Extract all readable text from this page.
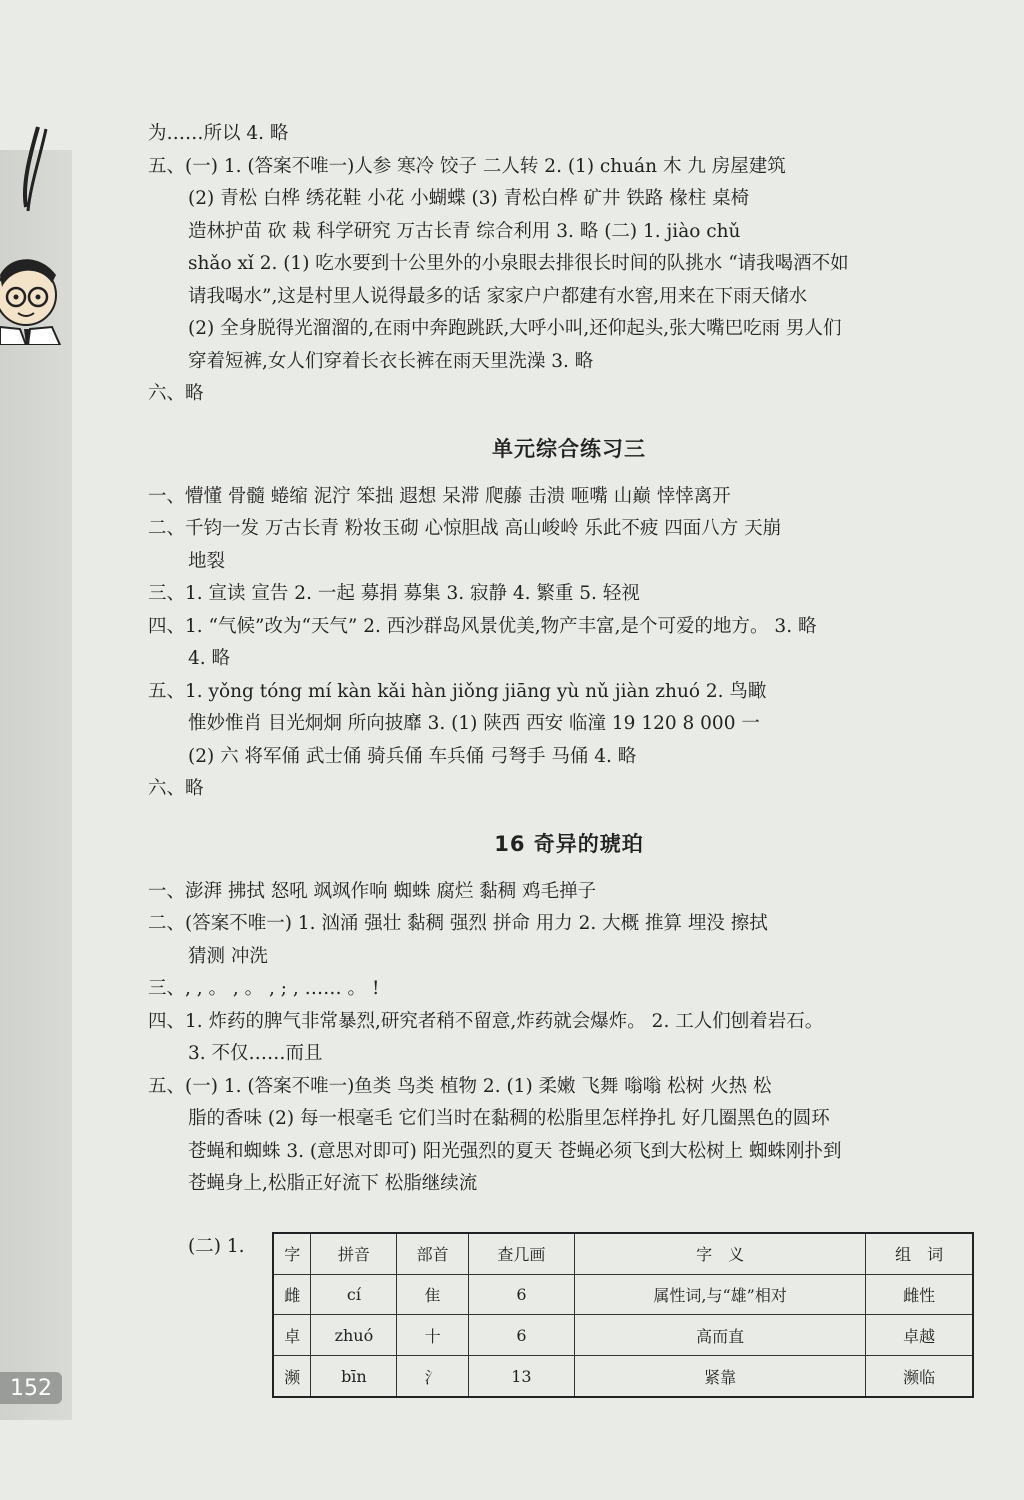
为……所以 4. 略
五、(一) 1. (答案不唯一)人参 寒冷 饺子 二人转 2. (1) chuán 木 九 房屋建筑
(2) 青松 白桦 绣花鞋 小花 小蝴蝶 (3) 青松白桦 矿井 铁路 椽柱 桌椅
造林护苗 砍 栽 科学研究 万古长青 综合利用 3. 略 (二) 1. jiào chǔ
shǎo xǐ 2. (1) 吃水要到十公里外的小泉眼去排很长时间的队挑水 “请我喝酒不如
请我喝水”,这是村里人说得最多的话 家家户户都建有水窖,用来在下雨天储水
(2) 全身脱得光溜溜的,在雨中奔跑跳跃,大呼小叫,还仰起头,张大嘴巴吃雨 男人们
穿着短裤,女人们穿着长衣长裤在雨天里洗澡 3. 略
六、略
单元综合练习三
一、懵懂 骨髓 蜷缩 泥泞 笨拙 遐想 呆滞 爬藤 击溃 咂嘴 山巅 悻悻离开
二、千钧一发 万古长青 粉妆玉砌 心惊胆战 高山峻岭 乐此不疲 四面八方 天崩
地裂
三、1. 宣读 宣告 2. 一起 募捐 募集 3. 寂静 4. 繁重 5. 轻视
四、1. “气候”改为“天气” 2. 西沙群岛风景优美,物产丰富,是个可爱的地方。 3. 略
4. 略
五、1. yǒng tóng mí kàn kǎi hàn jiǒng jiāng yù nǔ jiàn zhuó 2. 鸟瞰
惟妙惟肖 目光炯炯 所向披靡 3. (1) 陕西 西安 临潼 19 120 8 000 一
(2) 六 将军俑 武士俑 骑兵俑 车兵俑 弓弩手 马俑 4. 略
六、略
16 奇异的琥珀
一、澎湃 拂拭 怒吼 飒飒作响 蜘蛛 腐烂 黏稠 鸡毛掸子
二、(答案不唯一) 1. 汹涌 强壮 黏稠 强烈 拼命 用力 2. 大概 推算 埋没 擦拭
猜测 冲洗
三、, , 。 , 。 , ; , …… 。 !
四、1. 炸药的脾气非常暴烈,研究者稍不留意,炸药就会爆炸。 2. 工人们刨着岩石。
3. 不仅……而且
五、(一) 1. (答案不唯一)鱼类 鸟类 植物 2. (1) 柔嫩 飞舞 嗡嗡 松树 火热 松
脂的香味 (2) 每一根毫毛 它们当时在黏稠的松脂里怎样挣扎 好几圈黑色的圆环
苍蝇和蜘蛛 3. (意思对即可) 阳光强烈的夏天 苍蝇必须飞到大松树上 蜘蛛刚扑到
苍蝇身上,松脂正好流下 松脂继续流
(二) 1. 字	拼音	部首	查几画	字　义	组　词
雌	cí	隹	6	属性词,与“雄”相对	雌性
卓	zhuó	十	6	高而直	卓越
濒	bīn	氵	13	紧靠	濒临
152
